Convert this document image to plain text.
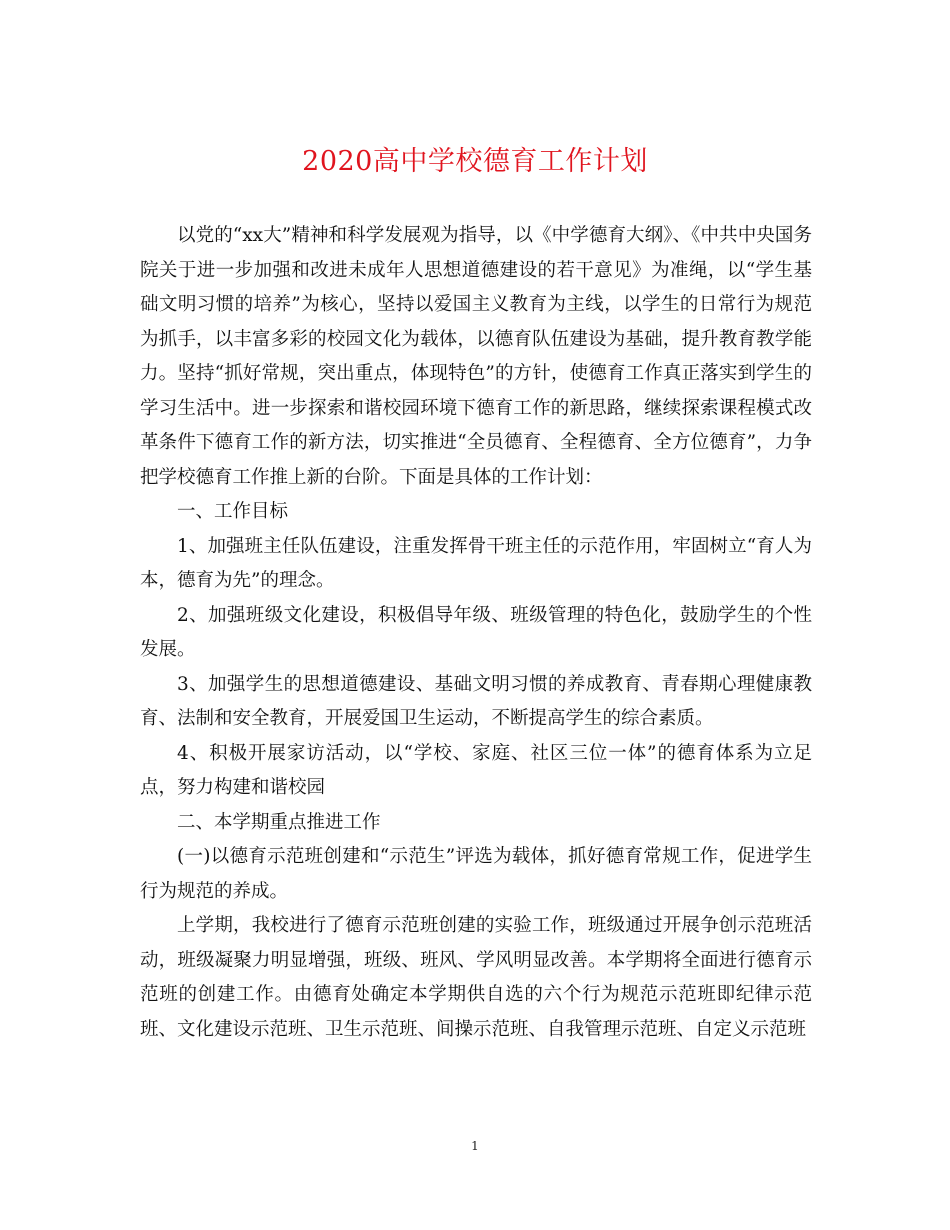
2020高中学校德育工作计划

以党的“xx大”精神和科学发展观为指导，以《中学德育大纲》、《中共中央国务院关于进一步加强和改进未成年人思想道德建设的若干意见》为准绳，以“学生基础文明习惯的培养”为核心，坚持以爱国主义教育为主线，以学生的日常行为规范为抓手，以丰富多彩的校园文化为载体，以德育队伍建设为基础，提升教育教学能力。坚持“抓好常规，突出重点，体现特色”的方针，使德育工作真正落实到学生的学习生活中。进一步探索和谐校园环境下德育工作的新思路，继续探索课程模式改革条件下德育工作的新方法，切实推进“全员德育、全程德育、全方位德育”，力争把学校德育工作推上新的台阶。下面是具体的工作计划：

一、工作目标

1、加强班主任队伍建设，注重发挥骨干班主任的示范作用，牢固树立“育人为本，德育为先”的理念。

2、加强班级文化建设，积极倡导年级、班级管理的特色化，鼓励学生的个性发展。

3、加强学生的思想道德建设、基础文明习惯的养成教育、青春期心理健康教育、法制和安全教育，开展爱国卫生运动，不断提高学生的综合素质。

4、积极开展家访活动，以“学校、家庭、社区三位一体”的德育体系为立足点，努力构建和谐校园

二、本学期重点推进工作

(一)以德育示范班创建和“示范生”评选为载体，抓好德育常规工作，促进学生行为规范的养成。

上学期，我校进行了德育示范班创建的实验工作，班级通过开展争创示范班活动，班级凝聚力明显增强，班级、班风、学风明显改善。本学期将全面进行德育示范班的创建工作。由德育处确定本学期供自选的六个行为规范示范班即纪律示范班、文化建设示范班、卫生示范班、间操示范班、自我管理示范班、自定义示范班

1
